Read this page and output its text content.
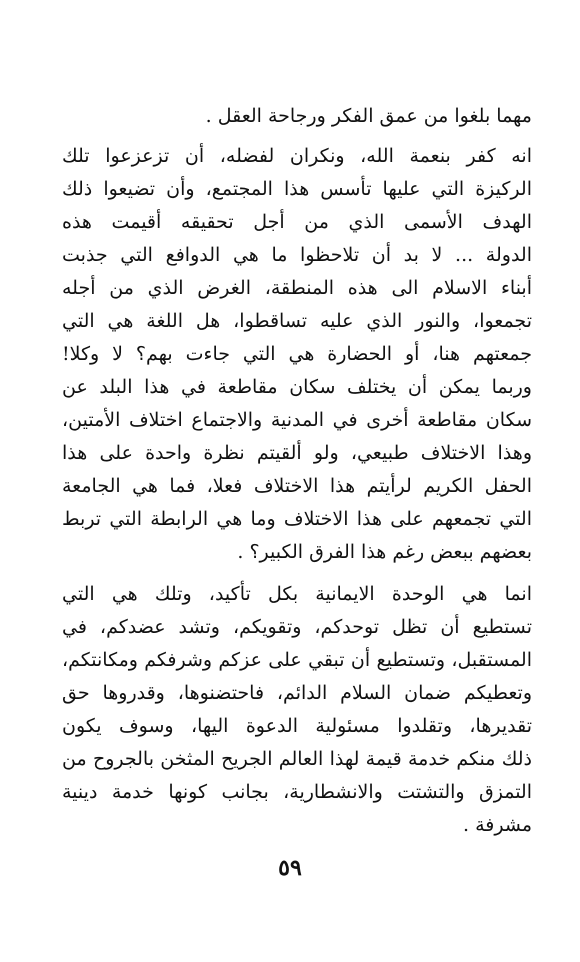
مهما بلغوا من عمق الفكر ورجاحة العقل .
انه كفر بنعمة الله، ونكران لفضله، أن تزعزعوا تلك
الركيزة التي عليها تأسس هذا المجتمع، وأن تضيعوا ذلك
الهدف الأسمى الذي من أجل تحقيقه أقيمت هذه
الدولة ... لا بد أن تلاحظوا ما هي الدوافع التي جذبت
أبناء الاسلام الى هذه المنطقة، الغرض الذي من أجله
تجمعوا، والنور الذي عليه تساقطوا، هل اللغة هي التي
جمعتهم هنا، أو الحضارة هي التي جاءت بهم؟ لا وكلا!
وربما يمكن أن يختلف سكان مقاطعة في هذا البلد عن
سكان مقاطعة أخرى في المدنية والاجتماع اختلاف الأمتين،
وهذا الاختلاف طبيعي، ولو ألقيتم نظرة واحدة على هذا
الحفل الكريم لرأيتم هذا الاختلاف فعلا، فما هي الجامعة
التي تجمعهم على هذا الاختلاف وما هي الرابطة التي تربط
بعضهم ببعض رغم هذا الفرق الكبير؟ .
انما هي الوحدة الايمانية بكل تأكيد، وتلك هي التي
تستطيع أن تظل توحدكم، وتقويكم، وتشد عضدكم، في
المستقبل، وتستطيع أن تبقي على عزكم وشرفكم ومكانتكم،
وتعطيكم ضمان السلام الدائم، فاحتضنوها، وقدروها حق
تقديرها، وتقلدوا مسئولية الدعوة اليها، وسوف يكون
ذلك منكم خدمة قيمة لهذا العالم الجريح المثخن بالجروح من
التمزق والتشتت والانشطارية، بجانب كونها خدمة دينية
مشرفة .
٥٩
